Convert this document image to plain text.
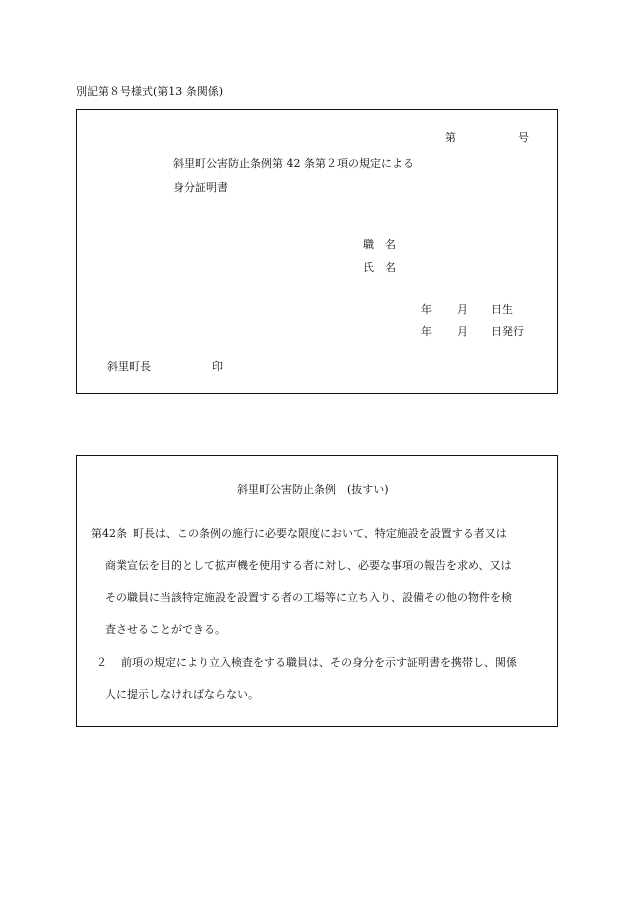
別記第８号様式(第13 条関係)
第	号
斜里町公害防止条例第 42 条第２項の規定による
身分証明書
職　名
氏　名
年 月 日生
年 月 日発行
斜里町長	印
斜里町公害防止条例　(抜すい)
第42条 町長は、この条例の施行に必要な限度において、特定施設を設置する者又は
商業宣伝を目的として拡声機を使用する者に対し、必要な事項の報告を求め、又は
その職員に当該特定施設を設置する者の工場等に立ち入り、設備その他の物件を検
査させることができる。
２ 前項の規定により立入検査をする職員は、その身分を示す証明書を携帯し、関係
人に提示しなければならない。
